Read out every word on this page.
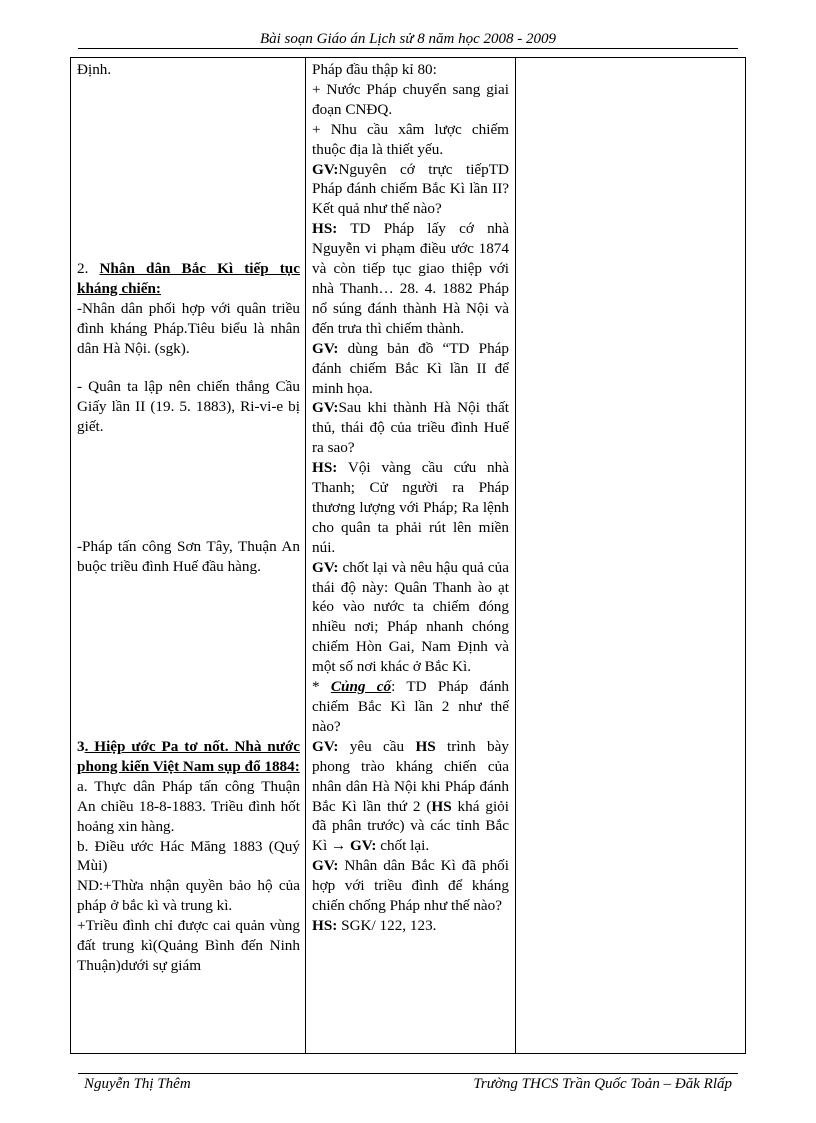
Bài soạn Giáo án Lịch sử 8 năm học 2008 - 2009

Định.

2. Nhân dân Bắc Kì tiếp tục kháng chiến:

-Nhân dân phối hợp với quân triều đình kháng Pháp.Tiêu biểu là nhân dân Hà Nội. (sgk).

- Quân ta lập nên chiến thắng Cầu Giấy lần II (19. 5. 1883), Ri-vi-e bị giết.

-Pháp tấn công Sơn Tây, Thuận An buộc triều đình Huế đầu hàng.

3. Hiệp ước Pa tơ nốt. Nhà nước phong kiến Việt Nam sụp đổ 1884:

a. Thực dân Pháp tấn công Thuận An chiều 18-8-1883. Triều đình hốt hoảng xin hàng.

b. Điều ước Hác Măng 1883 (Quý Mùi)

ND:+Thừa nhận quyền bảo hộ của pháp ở bắc kì và trung kì.

+Triều đình chỉ được cai quản vùng đất trung kì(Quảng Bình đến Ninh Thuận)dưới sự giám

Pháp đầu thập kỉ 80:

+ Nước Pháp chuyển sang giai đoạn CNĐQ.

+ Nhu cầu xâm lược chiếm thuộc địa là thiết yếu.

GV:Nguyên cớ trực tiếpTD Pháp đánh chiếm Bắc Kì lần II? Kết quả như thế nào?

HS: TD Pháp lấy cớ nhà Nguyễn vi phạm điều ước 1874 và còn tiếp tục giao thiệp với nhà Thanh… 28. 4. 1882 Pháp nổ súng đánh thành Hà Nội và đến trưa thì chiếm thành.

GV: dùng bản đồ “TD Pháp đánh chiếm Bắc Kì lần II để minh họa.

GV:Sau khi thành Hà Nội thất thủ, thái độ của triều đình Huế ra sao?

HS: Vội vàng cầu cứu nhà Thanh; Cử người ra Pháp thương lượng với Pháp; Ra lệnh cho quân ta phải rút lên miền núi.

GV: chốt lại và nêu hậu quả của thái độ này: Quân Thanh ào ạt kéo vào nước ta chiếm đóng nhiều nơi; Pháp nhanh chóng chiếm Hòn Gai, Nam Định và một số nơi khác ở Bắc Kì.

* Củng cố: TD Pháp đánh chiếm Bắc Kì lần 2 như thế nào?

GV: yêu cầu HS trình bày phong trào kháng chiến của nhân dân Hà Nội khi Pháp đánh Bắc Kì lần thứ 2 (HS khá giỏi đã phân trước) và các tỉnh Bắc Kì → GV: chốt lại.

GV: Nhân dân Bắc Kì đã phối hợp với triều đình để kháng chiến chống Pháp như thế nào?

HS: SGK/ 122, 123.

Nguyễn Thị Thêm	Trường THCS Trần Quốc Toản – Đăk Rlấp
